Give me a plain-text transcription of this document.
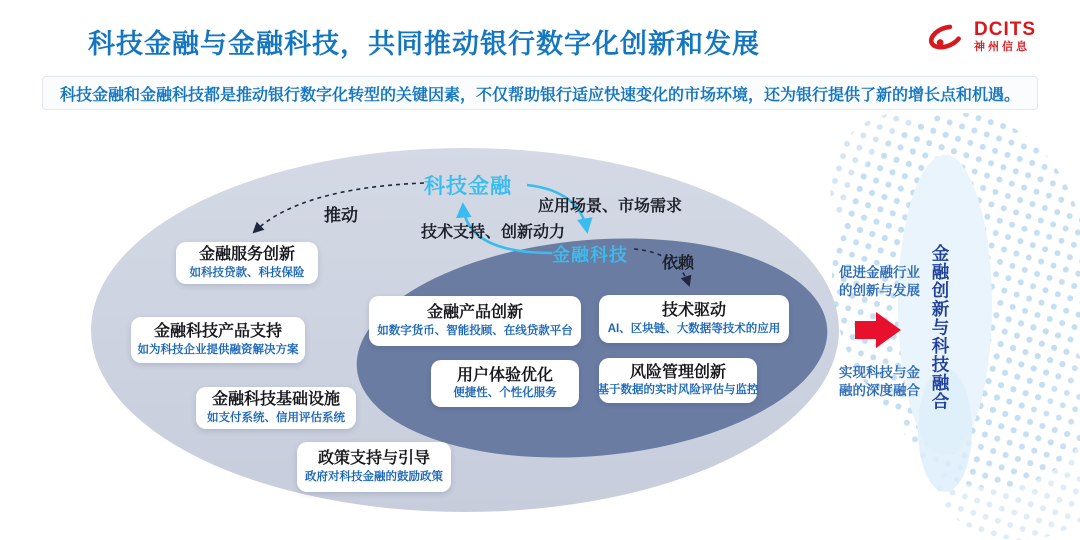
科技金融与金融科技，共同推动银行数字化创新和发展	DCITS
神州信息
科技金融和金融科技都是推动银行数字化转型的关键因素，不仅帮助银行适应快速变化的市场环境，还为银行提供了新的增长点和机遇。
科技金融
金融科技
推动	应用场景、市场需求
技术支持、创新动力
依赖
金融服务创新
如科技贷款、科技保险
金融科技产品支持
如为科技企业提供融资解决方案
金融科技基础设施
如支付系统、信用评估系统
政策支持与引导
政府对科技金融的鼓励政策
金融产品创新
如数字货币、智能投顾、在线贷款平台
技术驱动
AI、区块链、大数据等技术的应用
用户体验优化
便捷性、个性化服务
风险管理创新
基于数据的实时风险评估与监控
促进金融行业的创新与发展
实现科技与金融的深度融合 金融创新与科技融合
